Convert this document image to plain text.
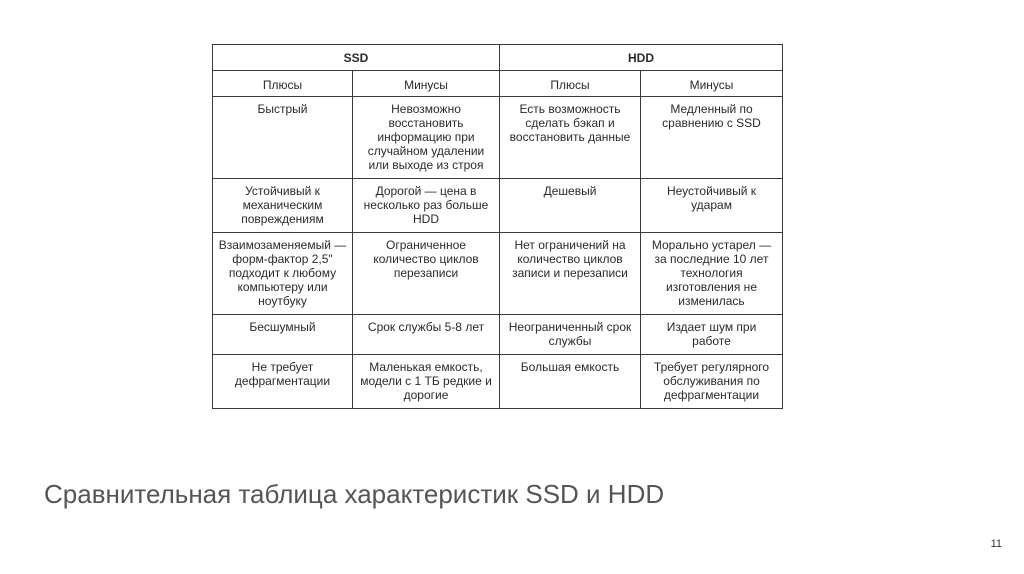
SSD		HDD	
Плюсы	Минусы	Плюсы	Минусы
Быстрый	Невозможно восстановить информацию при случайном удалении или выходе из строя	Есть возможность сделать бэкап и восстановить данные	Медленный по сравнению с SSD
Устойчивый к механическим повреждениям	Дорогой — цена в несколько раз больше HDD	Дешевый	Неустойчивый к ударам
Взаимозаменяемый — форм-фактор 2,5" подходит к любому компьютеру или ноутбуку	Ограниченное количество циклов перезаписи	Нет ограничений на количество циклов записи и перезаписи	Морально устарел — за последние 10 лет технология изготовления не изменилась
Бесшумный	Срок службы 5-8 лет	Неограниченный срок службы	Издает шум при работе
Не требует дефрагментации	Маленькая емкость, модели с 1 ТБ редкие и дорогие	Большая емкость	Требует регулярного обслуживания по дефрагментации
Сравнительная таблица характеристик SSD и HDD
11
